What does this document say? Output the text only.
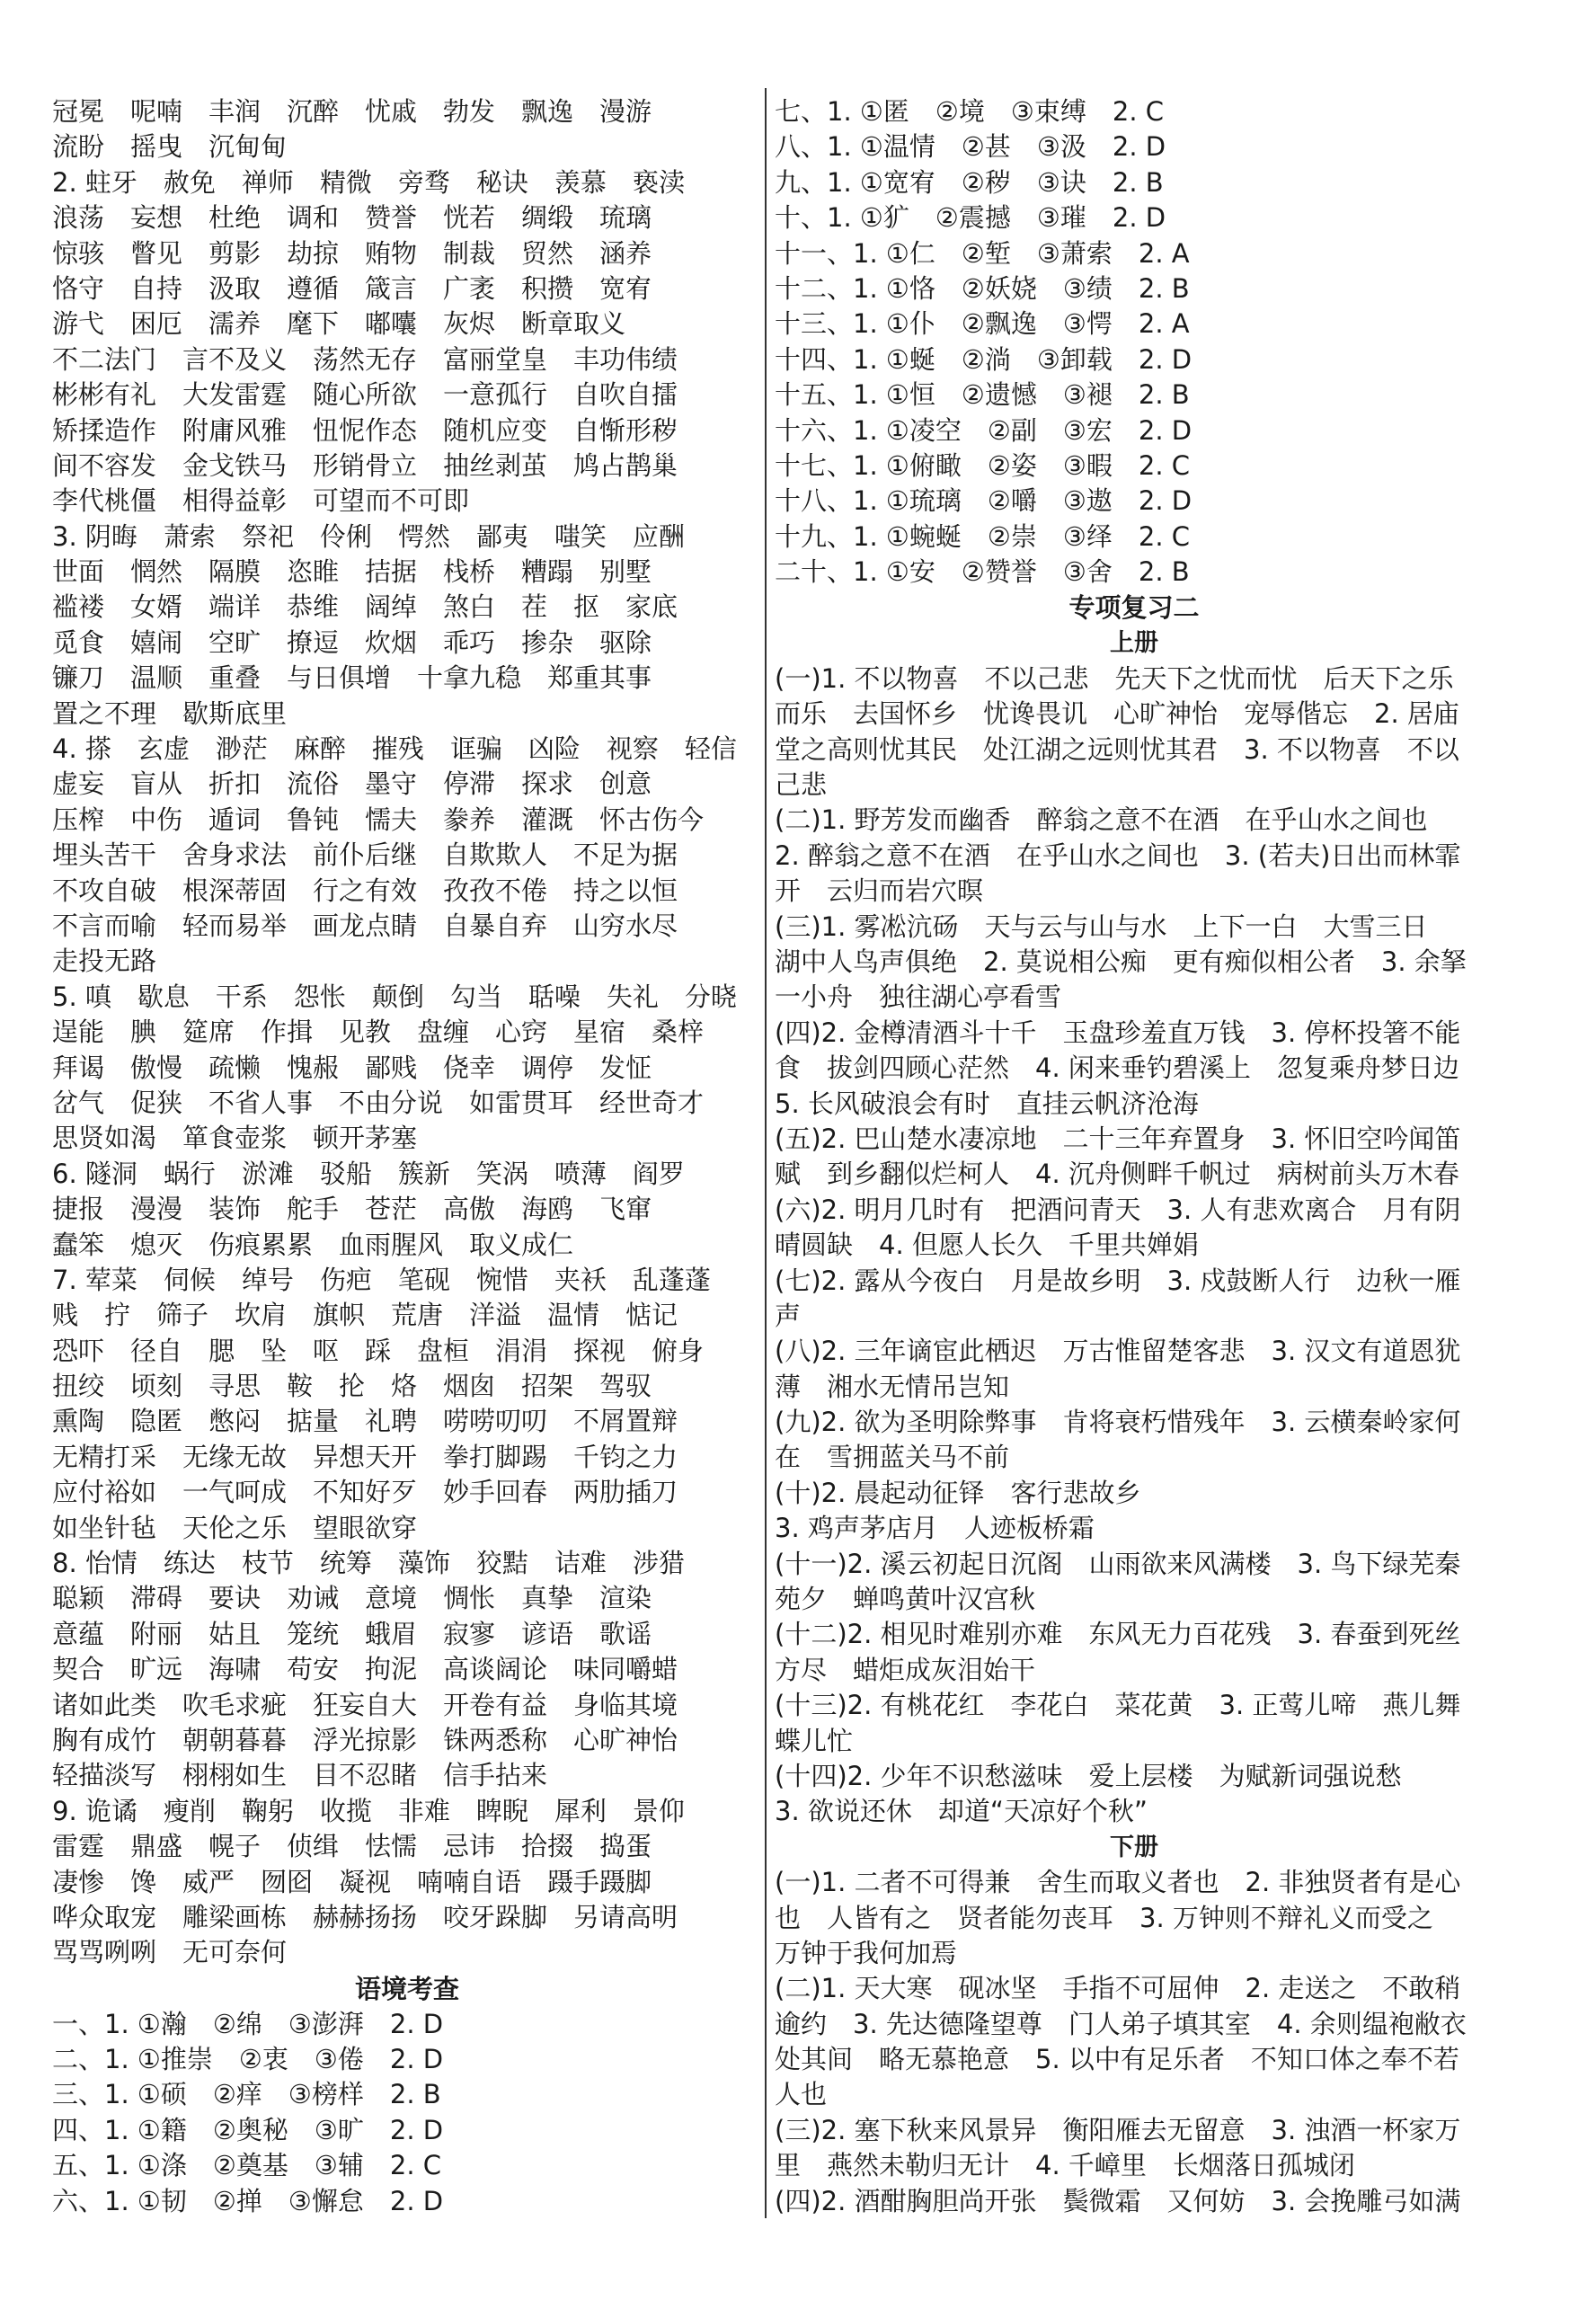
冠冕　呢喃　丰润　沉醉　忧戚　勃发　飘逸　漫游
流盼　摇曳　沉甸甸
2. 蛀牙　赦免　禅师　精微　旁骛　秘诀　羡慕　亵渎
浪荡　妄想　杜绝　调和　赞誉　恍若　绸缎　琉璃
惊骇　瞥见　剪影　劫掠　贿物　制裁　贸然　涵养
恪守　自持　汲取　遵循　箴言　广袤　积攒　宽宥
游弋　困厄　濡养　麾下　嘟囔　灰烬　断章取义
不二法门　言不及义　荡然无存　富丽堂皇　丰功伟绩
彬彬有礼　大发雷霆　随心所欲　一意孤行　自吹自擂
矫揉造作　附庸风雅　忸怩作态　随机应变　自惭形秽
间不容发　金戈铁马　形销骨立　抽丝剥茧　鸠占鹊巢
李代桃僵　相得益彰　可望而不可即
3. 阴晦　萧索　祭祀　伶俐　愕然　鄙夷　嗤笑　应酬
世面　惘然　隔膜　恣睢　拮据　栈桥　糟蹋　别墅
褴褛　女婿　端详　恭维　阔绰　煞白　茬　抠　家底
觅食　嬉闹　空旷　撩逗　炊烟　乖巧　掺杂　驱除
镰刀　温顺　重叠　与日俱增　十拿九稳　郑重其事
置之不理　歇斯底里
4. 搽　玄虚　渺茫　麻醉　摧残　诓骗　凶险　视察　轻信
虚妄　盲从　折扣　流俗　墨守　停滞　探求　创意
压榨　中伤　遁词　鲁钝　懦夫　豢养　灌溉　怀古伤今
埋头苦干　舍身求法　前仆后继　自欺欺人　不足为据
不攻自破　根深蒂固　行之有效　孜孜不倦　持之以恒
不言而喻　轻而易举　画龙点睛　自暴自弃　山穷水尽
走投无路
5. 嗔　歇息　干系　怨怅　颠倒　勾当　聒噪　失礼　分晓
逞能　腆　筵席　作揖　见教　盘缠　心窍　星宿　桑梓
拜谒　傲慢　疏懒　愧赧　鄙贱　侥幸　调停　发怔
岔气　促狭　不省人事　不由分说　如雷贯耳　经世奇才
思贤如渴　箪食壶浆　顿开茅塞
6. 隧洞　蜗行　淤滩　驳船　簇新　笑涡　喷薄　阎罗
捷报　漫漫　装饰　舵手　苍茫　高傲　海鸥　飞窜
蠢笨　熄灭　伤痕累累　血雨腥风　取义成仁
7. 荤菜　伺候　绰号　伤疤　笔砚　惋惜　夹袄　乱蓬蓬
贱　拧　筛子　坎肩　旗帜　荒唐　洋溢　温情　惦记
恐吓　径自　腮　坠　呕　踩　盘桓　涓涓　探视　俯身
扭绞　顷刻　寻思　鞍　抡　烙　烟囱　招架　驾驭
熏陶　隐匿　憋闷　掂量　礼聘　唠唠叨叨　不屑置辩
无精打采　无缘无故　异想天开　拳打脚踢　千钧之力
应付裕如　一气呵成　不知好歹　妙手回春　两肋插刀
如坐针毡　天伦之乐　望眼欲穿
8. 怡情　练达　枝节　统筹　藻饰　狡黠　诘难　涉猎
聪颖　滞碍　要诀　劝诫　意境　惆怅　真挚　渲染
意蕴　附丽　姑且　笼统　蛾眉　寂寥　谚语　歌谣
契合　旷远　海啸　苟安　拘泥　高谈阔论　味同嚼蜡
诸如此类　吹毛求疵　狂妄自大　开卷有益　身临其境
胸有成竹　朝朝暮暮　浮光掠影　铢两悉称　心旷神怡
轻描淡写　栩栩如生　目不忍睹　信手拈来
9. 诡谲　瘦削　鞠躬　收揽　非难　睥睨　犀利　景仰
雷霆　鼎盛　幌子　侦缉　怯懦　忌讳　拾掇　捣蛋
凄惨　馋　威严　囫囵　凝视　喃喃自语　蹑手蹑脚
哗众取宠　雕梁画栋　赫赫扬扬　咬牙跺脚　另请高明
骂骂咧咧　无可奈何
语境考查
一、1. ①瀚　②绵　③澎湃　2. D
二、1. ①推崇　②衷　③倦　2. D
三、1. ①硕　②痒　③榜样　2. B
四、1. ①籍　②奥秘　③旷　2. D
五、1. ①涤　②奠基　③辅　2. C
六、1. ①韧　②掸　③懈怠　2. D
七、1. ①匿　②境　③束缚　2. C
八、1. ①温情　②甚　③汲　2. D
九、1. ①宽宥　②秽　③诀　2. B
十、1. ①犷　②震撼　③璀　2. D
十一、1. ①仁　②堑　③萧索　2. A
十二、1. ①恪　②妖娆　③绩　2. B
十三、1. ①仆　②飘逸　③愕　2. A
十四、1. ①蜒　②淌　③卸载　2. D
十五、1. ①恒　②遗憾　③褪　2. B
十六、1. ①凌空　②副　③宏　2. D
十七、1. ①俯瞰　②姿　③暇　2. C
十八、1. ①琉璃　②嚼　③遨　2. D
十九、1. ①蜿蜒　②崇　③绎　2. C
二十、1. ①安　②赞誉　③舍　2. B
专项复习二
上册
(一)1. 不以物喜　不以己悲　先天下之忧而忧　后天下之乐
而乐　去国怀乡　忧谗畏讥　心旷神怡　宠辱偕忘　2. 居庙
堂之高则忧其民　处江湖之远则忧其君　3. 不以物喜　不以
己悲
(二)1. 野芳发而幽香　醉翁之意不在酒　在乎山水之间也
2. 醉翁之意不在酒　在乎山水之间也　3. (若夫)日出而林霏
开　云归而岩穴暝
(三)1. 雾凇沆砀　天与云与山与水　上下一白　大雪三日
湖中人鸟声俱绝　2. 莫说相公痴　更有痴似相公者　3. 余拏
一小舟　独往湖心亭看雪
(四)2. 金樽清酒斗十千　玉盘珍羞直万钱　3. 停杯投箸不能
食　拔剑四顾心茫然　4. 闲来垂钓碧溪上　忽复乘舟梦日边
5. 长风破浪会有时　直挂云帆济沧海
(五)2. 巴山楚水凄凉地　二十三年弃置身　3. 怀旧空吟闻笛
赋　到乡翻似烂柯人　4. 沉舟侧畔千帆过　病树前头万木春
(六)2. 明月几时有　把酒问青天　3. 人有悲欢离合　月有阴
晴圆缺　4. 但愿人长久　千里共婵娟
(七)2. 露从今夜白　月是故乡明　3. 戍鼓断人行　边秋一雁
声
(八)2. 三年谪宦此栖迟　万古惟留楚客悲　3. 汉文有道恩犹
薄　湘水无情吊岂知
(九)2. 欲为圣明除弊事　肯将衰朽惜残年　3. 云横秦岭家何
在　雪拥蓝关马不前
(十)2. 晨起动征铎　客行悲故乡
3. 鸡声茅店月　人迹板桥霜
(十一)2. 溪云初起日沉阁　山雨欲来风满楼　3. 鸟下绿芜秦
苑夕　蝉鸣黄叶汉宫秋
(十二)2. 相见时难别亦难　东风无力百花残　3. 春蚕到死丝
方尽　蜡炬成灰泪始干
(十三)2. 有桃花红　李花白　菜花黄　3. 正莺儿啼　燕儿舞
蝶儿忙
(十四)2. 少年不识愁滋味　爱上层楼　为赋新词强说愁
3. 欲说还休　却道“天凉好个秋”
下册
(一)1. 二者不可得兼　舍生而取义者也　2. 非独贤者有是心
也　人皆有之　贤者能勿丧耳　3. 万钟则不辩礼义而受之
万钟于我何加焉
(二)1. 天大寒　砚冰坚　手指不可屈伸　2. 走送之　不敢稍
逾约　3. 先达德隆望尊　门人弟子填其室　4. 余则缊袍敝衣
处其间　略无慕艳意　5. 以中有足乐者　不知口体之奉不若
人也
(三)2. 塞下秋来风景异　衡阳雁去无留意　3. 浊酒一杯家万
里　燕然未勒归无计　4. 千嶂里　长烟落日孤城闭
(四)2. 酒酣胸胆尚开张　鬓微霜　又何妨　3. 会挽雕弓如满
